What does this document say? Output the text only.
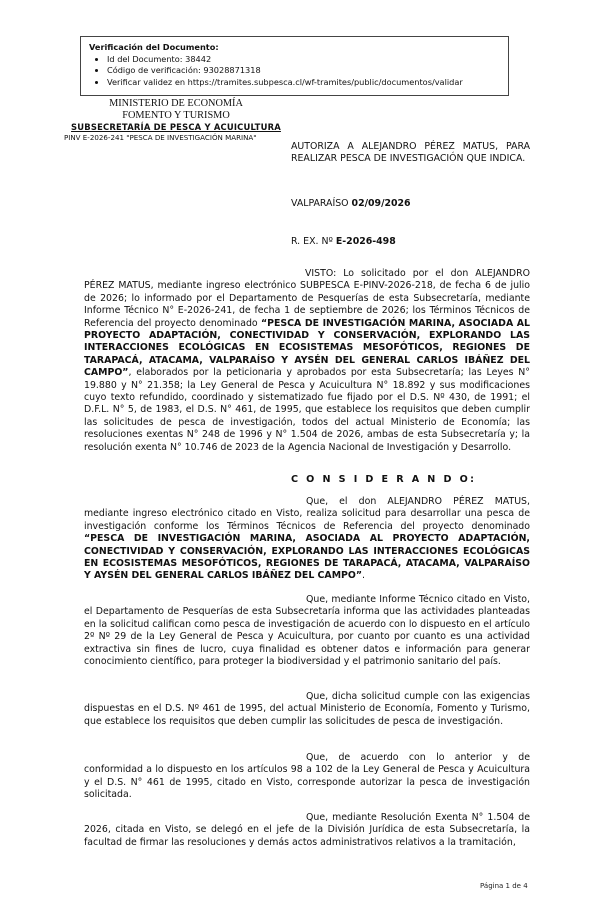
Verificación del Documento:
• Id del Documento: 38442
• Código de verificación: 93028871318
• Verificar validez en https://tramites.subpesca.cl/wf-tramites/public/documentos/validar
MINISTERIO DE ECONOMÍA
FOMENTO Y TURISMO
SUBSECRETARÍA DE PESCA Y ACUICULTURA
PINV E-2026-241 "PESCA DE INVESTIGACIÓN MARINA"

AUTORIZA A ALEJANDRO PÉREZ MATUS, PARA REALIZAR PESCA DE INVESTIGACIÓN QUE INDICA.

VALPARAÍSO 02/09/2026

R. EX. Nº E-2026-498

VISTO: Lo solicitado por el don ALEJANDRO PÉREZ MATUS, mediante ingreso electrónico SUBPESCA E-PINV-2026-218, de fecha 6 de julio de 2026; lo informado por el Departamento de Pesquerías de esta Subsecretaría, mediante Informe Técnico N° E-2026-241, de fecha 1 de septiembre de 2026; los Términos Técnicos de Referencia del proyecto denominado “PESCA DE INVESTIGACIÓN MARINA, ASOCIADA AL PROYECTO ADAPTACIÓN, CONECTIVIDAD Y CONSERVACIÓN, EXPLORANDO LAS INTERACCIONES ECOLÓGICAS EN ECOSISTEMAS MESOFÓTICOS, REGIONES DE TARAPACÁ, ATACAMA, VALPARAÍSO Y AYSÉN DEL GENERAL CARLOS IBÁÑEZ DEL CAMPO”, elaborados por la peticionaria y aprobados por esta Subsecretaría; las Leyes N° 19.880 y N° 21.358; la Ley General de Pesca y Acuicultura N° 18.892 y sus modificaciones cuyo texto refundido, coordinado y sistematizado fue fijado por el D.S. Nº 430, de 1991; el D.F.L. N° 5, de 1983, el D.S. N° 461, de 1995, que establece los requisitos que deben cumplir las solicitudes de pesca de investigación, todos del actual Ministerio de Economía; las resoluciones exentas N° 248 de 1996 y N° 1.504 de 2026, ambas de esta Subsecretaría y; la resolución exenta N° 10.746 de 2023 de la Agencia Nacional de Investigación y Desarrollo.

C O N S I D E R A N D O:

Que, el don ALEJANDRO PÉREZ MATUS, mediante ingreso electrónico citado en Visto, realiza solicitud para desarrollar una pesca de investigación conforme los Términos Técnicos de Referencia del proyecto denominado “PESCA DE INVESTIGACIÓN MARINA, ASOCIADA AL PROYECTO ADAPTACIÓN, CONECTIVIDAD Y CONSERVACIÓN, EXPLORANDO LAS INTERACCIONES ECOLÓGICAS EN ECOSISTEMAS MESOFÓTICOS, REGIONES DE TARAPACÁ, ATACAMA, VALPARAÍSO Y AYSÉN DEL GENERAL CARLOS IBÁÑEZ DEL CAMPO”.

Que, mediante Informe Técnico citado en Visto, el Departamento de Pesquerías de esta Subsecretaría informa que las actividades planteadas en la solicitud califican como pesca de investigación de acuerdo con lo dispuesto en el artículo 2º Nº 29 de la Ley General de Pesca y Acuicultura, por cuanto por cuanto es una actividad extractiva sin fines de lucro, cuya finalidad es obtener datos e información para generar conocimiento científico, para proteger la biodiversidad y el patrimonio sanitario del país.

Que, dicha solicitud cumple con las exigencias dispuestas en el D.S. Nº 461 de 1995, del actual Ministerio de Economía, Fomento y Turismo, que establece los requisitos que deben cumplir las solicitudes de pesca de investigación.

Que, de acuerdo con lo anterior y de conformidad a lo dispuesto en los artículos 98 a 102 de la Ley General de Pesca y Acuicultura y el D.S. N° 461 de 1995, citado en Visto, corresponde autorizar la pesca de investigación solicitada.

Que, mediante Resolución Exenta N° 1.504 de 2026, citada en Visto, se delegó en el jefe de la División Jurídica de esta Subsecretaría, la facultad de firmar las resoluciones y demás actos administrativos relativos a la tramitación,

Página 1 de 4
